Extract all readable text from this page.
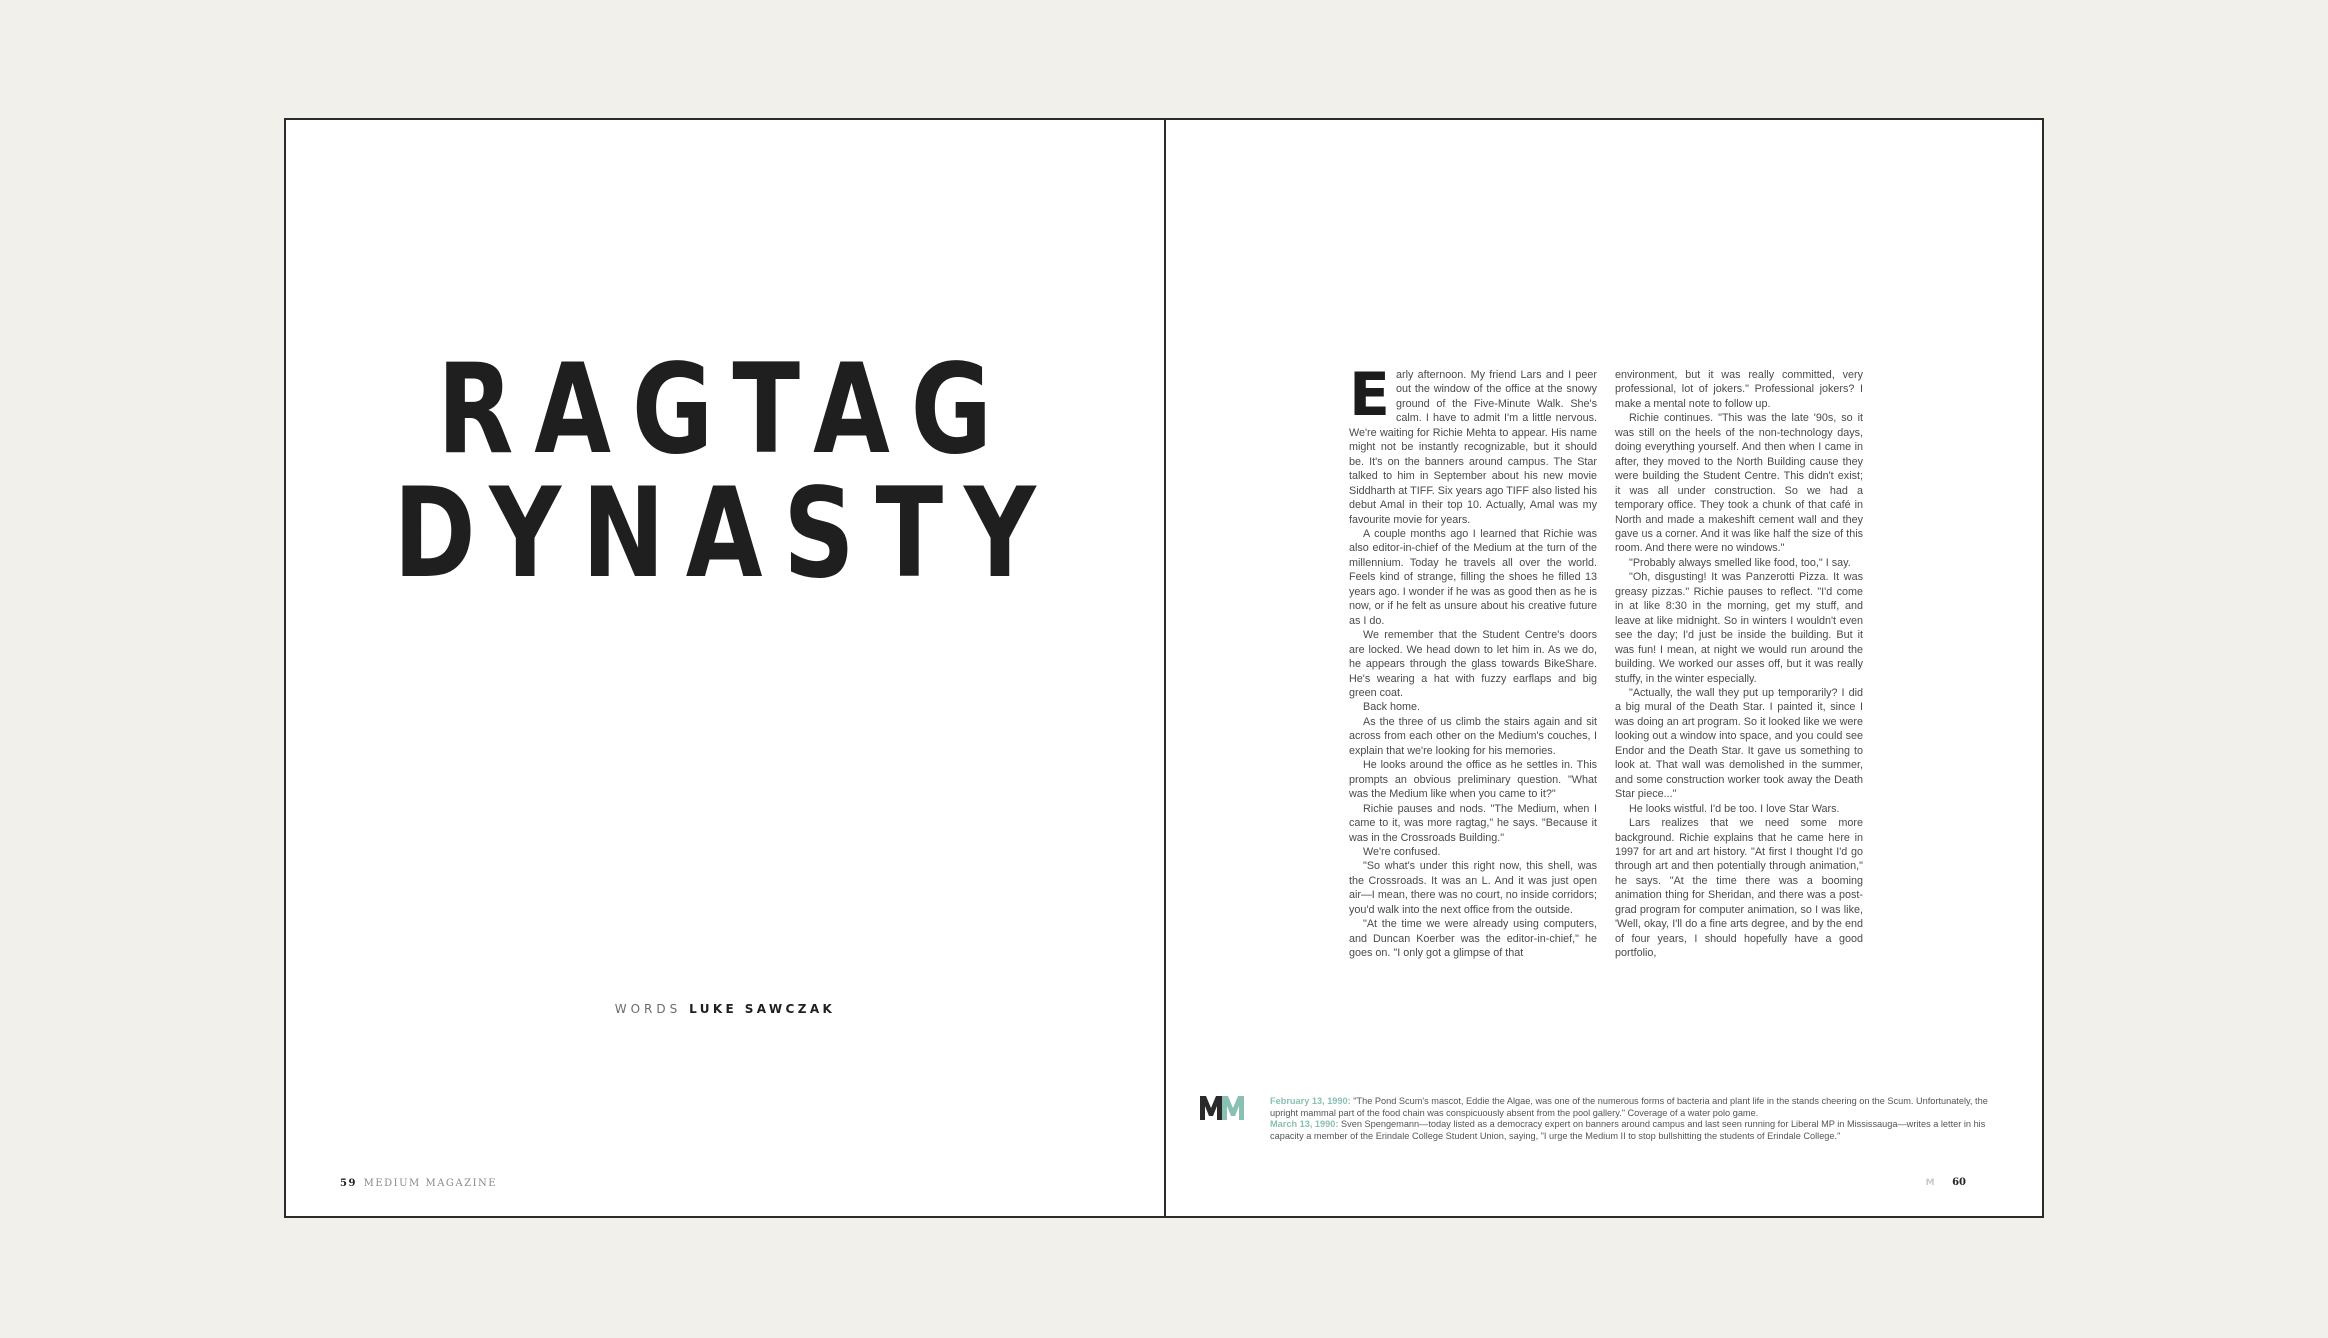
RAGTAG
DYNASTY
WORDS LUKE SAWCZAK
59 MEDIUM MAGAZINE
E arly afternoon. My friend Lars and I peer out the window of the office at the snowy ground of the Five-Minute Walk. She's calm. I have to admit I'm a little nervous. We're waiting for Richie Mehta to appear. His name might not be instantly recognizable, but it should be. It's on the banners around campus. The Star talked to him in September about his new movie Siddharth at TIFF. Six years ago TIFF also listed his debut Amal in their top 10. Actually, Amal was my favourite movie for years.

A couple months ago I learned that Richie was also editor-in-chief of the Medium at the turn of the millennium. Today he travels all over the world. Feels kind of strange, filling the shoes he filled 13 years ago. I wonder if he was as good then as he is now, or if he felt as unsure about his creative future as I do.

We remember that the Student Centre's doors are locked. We head down to let him in. As we do, he appears through the glass towards BikeShare. He's wearing a hat with fuzzy earflaps and big green coat.

Back home.

As the three of us climb the stairs again and sit across from each other on the Medium's couches, I explain that we're looking for his memories.

He looks around the office as he settles in. This prompts an obvious preliminary question. "What was the Medium like when you came to it?"

Richie pauses and nods. "The Medium, when I came to it, was more ragtag," he says. "Because it was in the Crossroads Building."

We're confused.

"So what's under this right now, this shell, was the Crossroads. It was an L. And it was just open air—I mean, there was no court, no inside corridors; you'd walk into the next office from the outside.

"At the time we were already using computers, and Duncan Koerber was the editor-in-chief," he goes on. "I only got a glimpse of that

environment, but it was really committed, very professional, lot of jokers." Professional jokers? I make a mental note to follow up.

Richie continues. "This was the late '90s, so it was still on the heels of the non-technology days, doing everything yourself. And then when I came in after, they moved to the North Building cause they were building the Student Centre. This didn't exist; it was all under construction. So we had a temporary office. They took a chunk of that café in North and made a makeshift cement wall and they gave us a corner. And it was like half the size of this room. And there were no windows."

"Probably always smelled like food, too," I say.

"Oh, disgusting! It was Panzerotti Pizza. It was greasy pizzas." Richie pauses to reflect. "I'd come in at like 8:30 in the morning, get my stuff, and leave at like midnight. So in winters I wouldn't even see the day; I'd just be inside the building. But it was fun! I mean, at night we would run around the building. We worked our asses off, but it was really stuffy, in the winter especially.

"Actually, the wall they put up temporarily? I did a big mural of the Death Star. I painted it, since I was doing an art program. So it looked like we were looking out a window into space, and you could see Endor and the Death Star. It gave us something to look at. That wall was demolished in the summer, and some construction worker took away the Death Star piece..."

He looks wistful. I'd be too. I love Star Wars.

Lars realizes that we need some more background. Richie explains that he came here in 1997 for art and art history. "At first I thought I'd go through art and then potentially through animation," he says. "At the time there was a booming animation thing for Sheridan, and there was a post-grad program for computer animation, so I was like, 'Well, okay, I'll do a fine arts degree, and by the end of four years, I should hopefully have a good portfolio,

February 13, 1990: "The Pond Scum's mascot, Eddie the Algae, was one of the numerous forms of bacteria and plant life in the stands cheering on the Scum. Unfortunately, the upright mammal part of the food chain was conspicuously absent from the pool gallery." Coverage of a water polo game.

March 13, 1990: Sven Spengemann—today listed as a democracy expert on banners around campus and last seen running for Liberal MP in Mississauga—writes a letter in his capacity a member of the Erindale College Student Union, saying, "I urge the Medium II to stop bullshitting the students of Erindale College."

M 60
